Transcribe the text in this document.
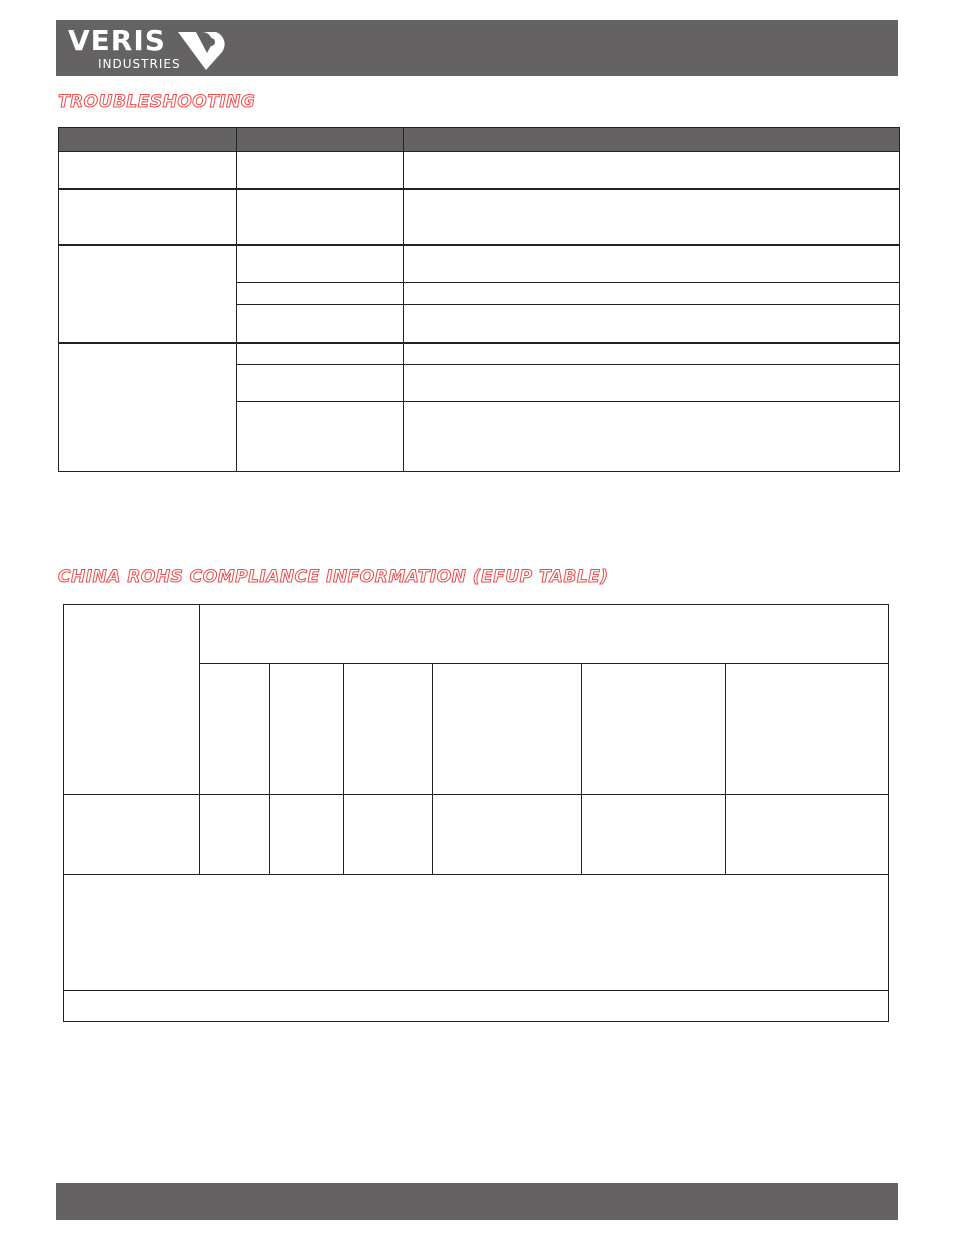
VERIS
INDUSTRIES
TROUBLESHOOTING

CHINA ROHS COMPLIANCE INFORMATION (EFUP TABLE)
